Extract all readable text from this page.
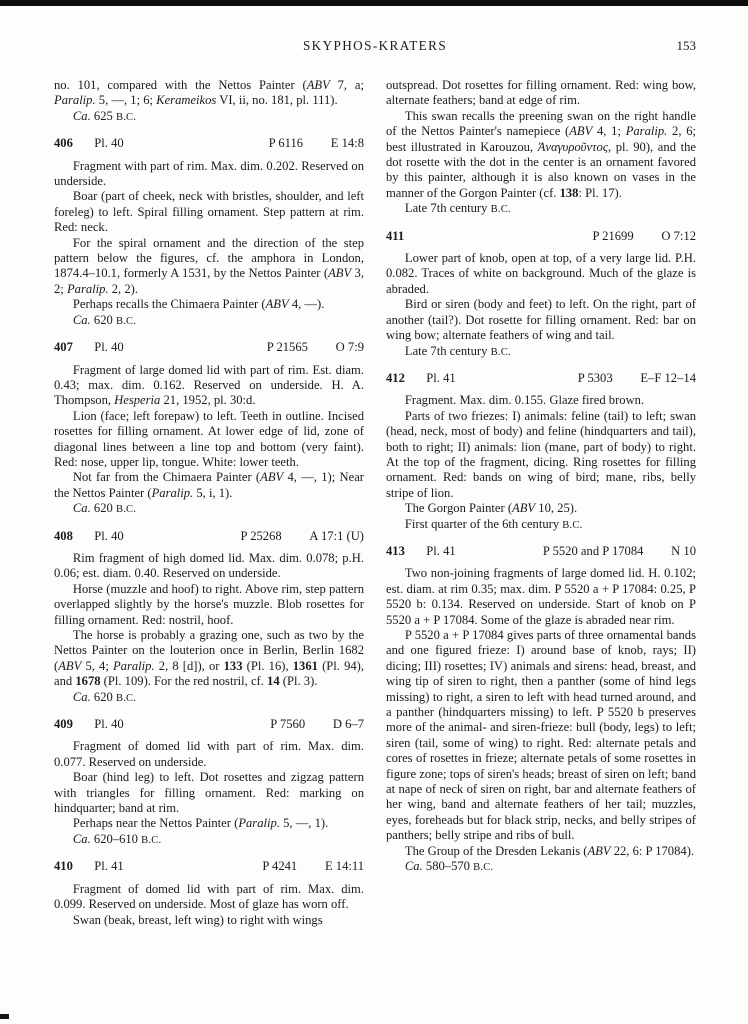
SKYPHOS-KRATERS	153

no. 101, compared with the Nettos Painter (ABV 7, a; Paralip. 5, —, 1; 6; Kerameikos VI, ii, no. 181, pl. 111).

Ca. 625 B.C.

406 Pl. 40	P 6116 E 14:8

Fragment with part of rim. Max. dim. 0.202. Reserved on underside.

Boar (part of cheek, neck with bristles, shoulder, and left foreleg) to left. Spiral filling ornament. Step pattern at rim. Red: neck.

For the spiral ornament and the direction of the step pattern below the figures, cf. the amphora in London, 1874.4–10.1, formerly A 1531, by the Nettos Painter (ABV 3, 2; Paralip. 2, 2).

Perhaps recalls the Chimaera Painter (ABV 4, —).

Ca. 620 B.C.

407 Pl. 40	P 21565 O 7:9

Fragment of large domed lid with part of rim. Est. diam. 0.43; max. dim. 0.162. Reserved on underside. H. A. Thompson, Hesperia 21, 1952, pl. 30:d.

Lion (face; left forepaw) to left. Teeth in outline. Incised rosettes for filling ornament. At lower edge of lid, zone of diagonal lines between a line top and bottom (very faint). Red: nose, upper lip, tongue. White: lower teeth.

Not far from the Chimaera Painter (ABV 4, —, 1); Near the Nettos Painter (Paralip. 5, i, 1).

Ca. 620 B.C.

408 Pl. 40	P 25268 A 17:1 (U)

Rim fragment of high domed lid. Max. dim. 0.078; p.H. 0.06; est. diam. 0.40. Reserved on underside.

Horse (muzzle and hoof) to right. Above rim, step pattern overlapped slightly by the horse's muzzle. Blob rosettes for filling ornament. Red: nostril, hoof.

The horse is probably a grazing one, such as two by the Nettos Painter on the louterion once in Berlin, Berlin 1682 (ABV 5, 4; Paralip. 2, 8 [d]), or 133 (Pl. 16), 1361 (Pl. 94), and 1678 (Pl. 109). For the red nostril, cf. 14 (Pl. 3).

Ca. 620 B.C.

409 Pl. 40	P 7560 D 6–7

Fragment of domed lid with part of rim. Max. dim. 0.077. Reserved on underside.

Boar (hind leg) to left. Dot rosettes and zigzag pattern with triangles for filling ornament. Red: marking on hindquarter; band at rim.

Perhaps near the Nettos Painter (Paralip. 5, —, 1).

Ca. 620–610 B.C.

410 Pl. 41	P 4241 E 14:11

Fragment of domed lid with part of rim. Max. dim. 0.099. Reserved on underside. Most of glaze has worn off.

Swan (beak, breast, left wing) to right with wings

outspread. Dot rosettes for filling ornament. Red: wing bow, alternate feathers; band at edge of rim.

This swan recalls the preening swan on the right handle of the Nettos Painter's namepiece (ABV 4, 1; Paralip. 2, 6; best illustrated in Karouzou, Ἀναγυροῦντος, pl. 90), and the dot rosette with the dot in the center is an ornament favored by this painter, although it is also known on vases in the manner of the Gorgon Painter (cf. 138: Pl. 17).

Late 7th century B.C.

411	P 21699 O 7:12

Lower part of knob, open at top, of a very large lid. P.H. 0.082. Traces of white on background. Much of the glaze is abraded.

Bird or siren (body and feet) to left. On the right, part of another (tail?). Dot rosette for filling ornament. Red: bar on wing bow; alternate feathers of wing and tail.

Late 7th century B.C.

412 Pl. 41	P 5303 E–F 12–14

Fragment. Max. dim. 0.155. Glaze fired brown.

Parts of two friezes: I) animals: feline (tail) to left; swan (head, neck, most of body) and feline (hindquarters and tail), both to right; II) animals: lion (mane, part of body) to right. At the top of the fragment, dicing. Ring rosettes for filling ornament. Red: bands on wing of bird; mane, ribs, belly stripe of lion.

The Gorgon Painter (ABV 10, 25).

First quarter of the 6th century B.C.

413 Pl. 41	P 5520 and P 17084 N 10

Two non-joining fragments of large domed lid. H. 0.102; est. diam. at rim 0.35; max. dim. P 5520 a + P 17084: 0.25, P 5520 b: 0.134. Reserved on underside. Start of knob on P 5520 a + P 17084. Some of the glaze is abraded near rim.

P 5520 a + P 17084 gives parts of three ornamental bands and one figured frieze: I) around base of knob, rays; II) dicing; III) rosettes; IV) animals and sirens: head, breast, and wing tip of siren to right, then a panther (some of hind legs missing) to right, a siren to left with head turned around, and a panther (hindquarters missing) to left. P 5520 b preserves more of the animal- and siren-frieze: bull (body, legs) to left; siren (tail, some of wing) to right. Red: alternate petals and cores of rosettes in frieze; alternate petals of some rosettes in figure zone; tops of siren's heads; breast of siren on left; band at nape of neck of siren on right, bar and alternate feathers of her wing, band and alternate feathers of her tail; muzzles, eyes, foreheads but for black strip, necks, and belly stripes of panthers; belly stripe and ribs of bull.

The Group of the Dresden Lekanis (ABV 22, 6: P 17084).

Ca. 580–570 B.C.
